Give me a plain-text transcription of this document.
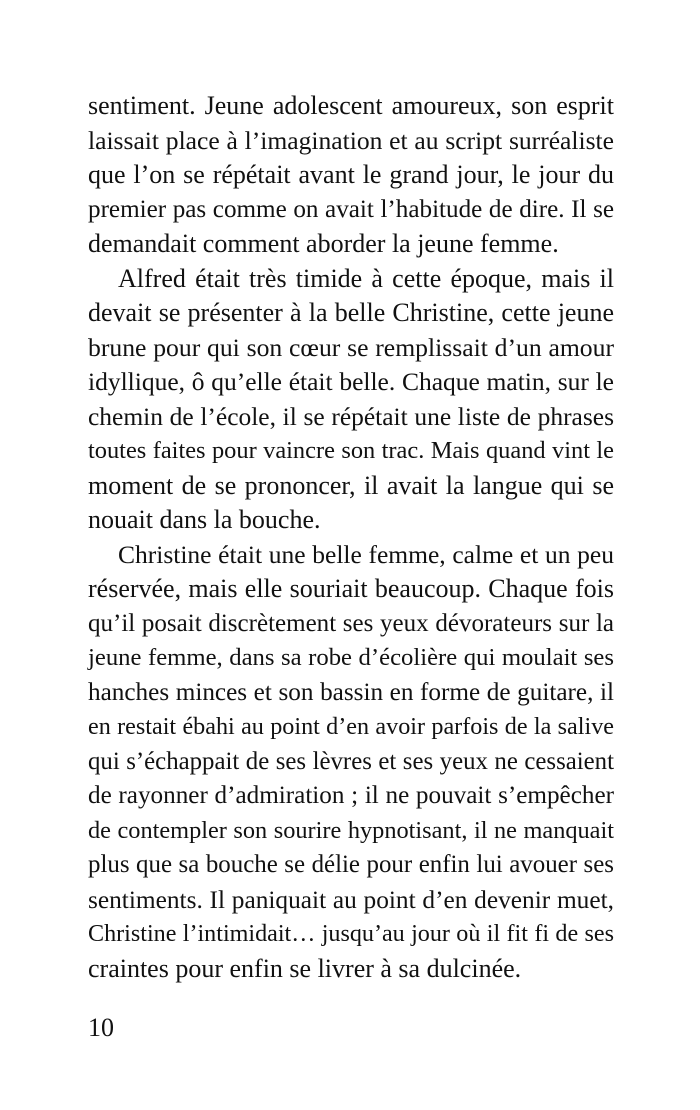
sentiment. Jeune adolescent amoureux, son esprit
laissait place à l’imagination et au script surréaliste
que l’on se répétait avant le grand jour, le jour du
premier pas comme on avait l’habitude de dire. Il se
demandait comment aborder la jeune femme.
Alfred était très timide à cette époque, mais il
devait se présenter à la belle Christine, cette jeune
brune pour qui son cœur se remplissait d’un amour
idyllique, ô qu’elle était belle. Chaque matin, sur le
chemin de l’école, il se répétait une liste de phrases
toutes faites pour vaincre son trac. Mais quand vint le
moment de se prononcer, il avait la langue qui se
nouait dans la bouche.
Christine était une belle femme, calme et un peu
réservée, mais elle souriait beaucoup. Chaque fois
qu’il posait discrètement ses yeux dévorateurs sur la
jeune femme, dans sa robe d’écolière qui moulait ses
hanches minces et son bassin en forme de guitare, il
en restait ébahi au point d’en avoir parfois de la salive
qui s’échappait de ses lèvres et ses yeux ne cessaient
de rayonner d’admiration ; il ne pouvait s’empêcher
de contempler son sourire hypnotisant, il ne manquait
plus que sa bouche se délie pour enfin lui avouer ses
sentiments. Il paniquait au point d’en devenir muet,
Christine l’intimidait… jusqu’au jour où il fit fi de ses
craintes pour enfin se livrer à sa dulcinée.
10
